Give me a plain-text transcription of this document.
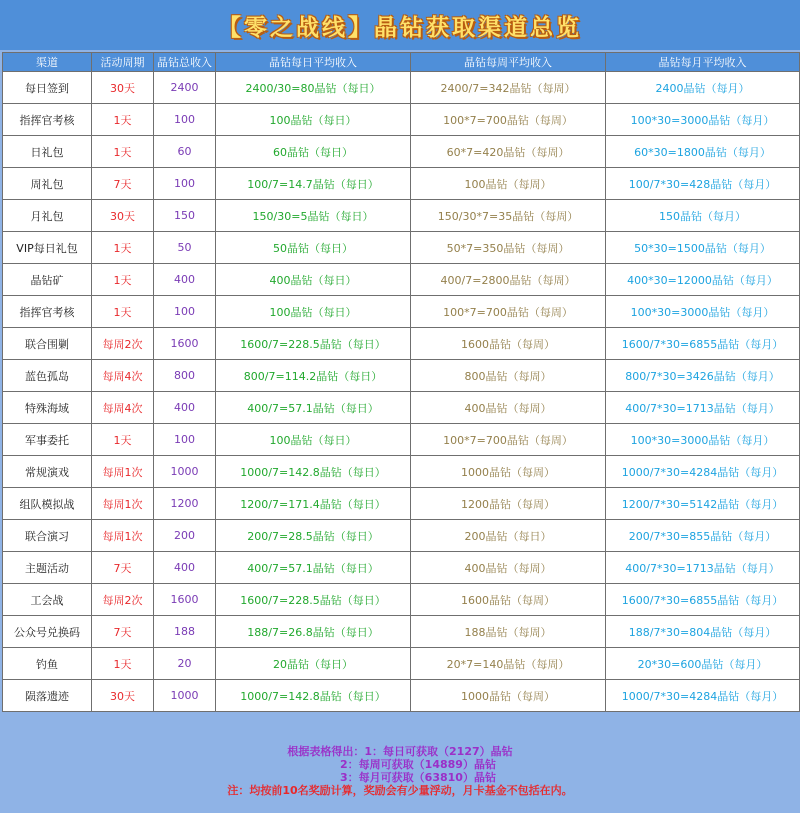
【零之战线】晶钻获取渠道总览
渠道	活动周期	晶钻总收入	晶钻每日平均收入	晶钻每周平均收入	晶钻每月平均收入
每日签到	30天	2400	2400/30=80晶钻（每日）	2400/7=342晶钻（每周）	2400晶钻（每月）
指挥官考核	1天	100	100晶钻（每日）	100*7=700晶钻（每周）	100*30=3000晶钻（每月）
日礼包	1天	60	60晶钻（每日）	60*7=420晶钻（每周）	60*30=1800晶钻（每月）
周礼包	7天	100	100/7=14.7晶钻（每日）	100晶钻（每周）	100/7*30=428晶钻（每月）
月礼包	30天	150	150/30=5晶钻（每日）	150/30*7=35晶钻（每周）	150晶钻（每月）
VIP每日礼包	1天	50	50晶钻（每日）	50*7=350晶钻（每周）	50*30=1500晶钻（每月）
晶钻矿	1天	400	400晶钻（每日）	400/7=2800晶钻（每周）	400*30=12000晶钻（每月）
指挥官考核	1天	100	100晶钻（每日）	100*7=700晶钻（每周）	100*30=3000晶钻（每月）
联合围剿	每周2次	1600	1600/7=228.5晶钻（每日）	1600晶钻（每周）	1600/7*30=6855晶钻（每月）
蓝色孤岛	每周4次	800	800/7=114.2晶钻（每日）	800晶钻（每周）	800/7*30=3426晶钻（每月）
特殊海域	每周4次	400	400/7=57.1晶钻（每日）	400晶钻（每周）	400/7*30=1713晶钻（每月）
军事委托	1天	100	100晶钻（每日）	100*7=700晶钻（每周）	100*30=3000晶钻（每月）
常规演戏	每周1次	1000	1000/7=142.8晶钻（每日）	1000晶钻（每周）	1000/7*30=4284晶钻（每月）
组队模拟战	每周1次	1200	1200/7=171.4晶钻（每日）	1200晶钻（每周）	1200/7*30=5142晶钻（每月）
联合演习	每周1次	200	200/7=28.5晶钻（每日）	200晶钻（每日）	200/7*30=855晶钻（每月）
主题活动	7天	400	400/7=57.1晶钻（每日）	400晶钻（每周）	400/7*30=1713晶钻（每月）
工会战	每周2次	1600	1600/7=228.5晶钻（每日）	1600晶钻（每周）	1600/7*30=6855晶钻（每月）
公众号兑换码	7天	188	188/7=26.8晶钻（每日）	188晶钻（每周）	188/7*30=804晶钻（每月）
钓鱼	1天	20	20晶钻（每日）	20*7=140晶钻（每周）	20*30=600晶钻（每月）
陨落遗迹	30天	1000	1000/7=142.8晶钻（每日）	1000晶钻（每周）	1000/7*30=4284晶钻（每月）
根据表格得出：1：每日可获取（2127）晶钻
2：每周可获取（14889）晶钻
3：每月可获取（63810）晶钻
注：均按前10名奖励计算，奖励会有少量浮动，月卡基金不包括在内。
